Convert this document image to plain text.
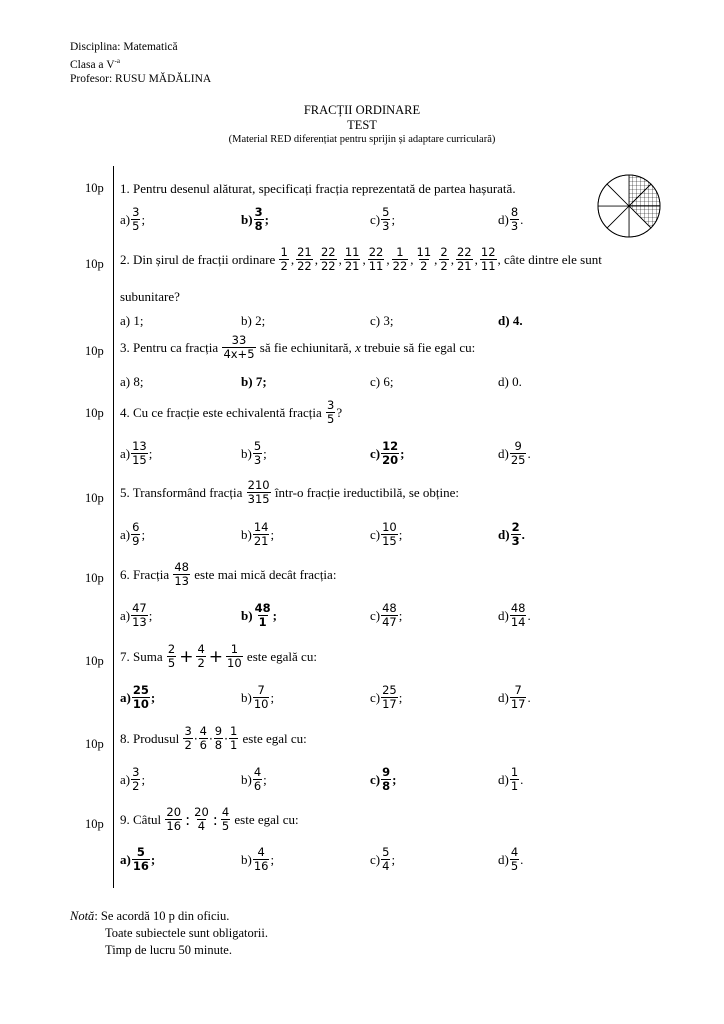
Disciplina: Matematică
Clasa a $V^{-a}$
Profesor: RUSU MĂDĂLINA
FRACȚII ORDINARE
TEST
(Material RED diferențiat pentru sprijin și adaptare curriculară)
10p
10p
10p
10p
10p
10p
10p
10p
10p
1. Pentru desenul alăturat, specificați fracția reprezentată de partea hașurată.
$a) \frac{3}{5}$ ;	$b) \frac{3}{8}$ ;	$c) \frac{5}{3}$ ;	$d) \frac{8}{3}$ .
2. Din șirul de fracții ordinare
$\frac{1}{2}$ , $\frac{21}{22}$ , $\frac{22}{22}$ , $\frac{11}{21}$ , $\frac{22}{11}$ , $\frac{1}{22}$ , $\frac{11}{2}$ , $\frac{2}{2}$ , $\frac{22}{21}$ , $\frac{12}{11}$ , câte dintre ele sunt
subunitare?
a)
1;	b)
2;	c)
3;	d)
4 .
3. Pentru ca fracția
$\frac{33}{4x+5}$
să fie echiunitară,
x
trebuie să fie egal cu:
a)
8;	b)
7 ;	c)
6;	d)
0.
4. Cu ce fracție este echivalentă fracția
$\frac{3}{5}$ ?
$a) \frac{13}{15}$ ;	$b) \frac{5}{3}$ ;	$c) \frac{12}{20}$ ;	$d) \frac{9}{25}$ .
5. Transformând fracția
$\frac{210}{315}$
într-o fracție ireductibilă, se obține:
$a) \frac{6}{9}$ ;	$b) \frac{14}{21}$ ;	$c) \frac{10}{15}$ ;	$d) \frac{2}{3}$ .
6. Fracția
$\frac{48}{13}$
este mai mică decât fracția:
$a) \frac{47}{13}$ ;	$b) \frac{48}{1}$ ;	$c) \frac{48}{47}$ ;	$d) \frac{48}{14}$ .
7. Suma
$\frac{2}{5} + \frac{4}{2} + \frac{1}{10}$
este egală cu:
$a) \frac{25}{10}$ ;	$b) \frac{7}{10}$ ;	$c) \frac{25}{17}$ ;	$d) \frac{7}{17}$ .
8. Produsul
$\frac{3}{2} \cdot \frac{4}{6} \cdot \frac{9}{8} \cdot \frac{1}{1}$
este egal cu:
$a) \frac{3}{2}$ ;	$b) \frac{4}{6}$ ;	$c) \frac{9}{8}$ ;	$d) \frac{1}{1}$ .
9. Câtul
$\frac{20}{16}$ : $\frac{20}{4}$ : $\frac{4}{5}$
este egal cu:
$a) \frac{5}{16}$ ;	$b) \frac{4}{16}$ ;	$c) \frac{5}{4}$ ;	$d) \frac{4}{5}$ .
Notă: Se acordă 10 p din oficiu.
Toate subiectele sunt obligatorii.
Timp de lucru 50 minute.
